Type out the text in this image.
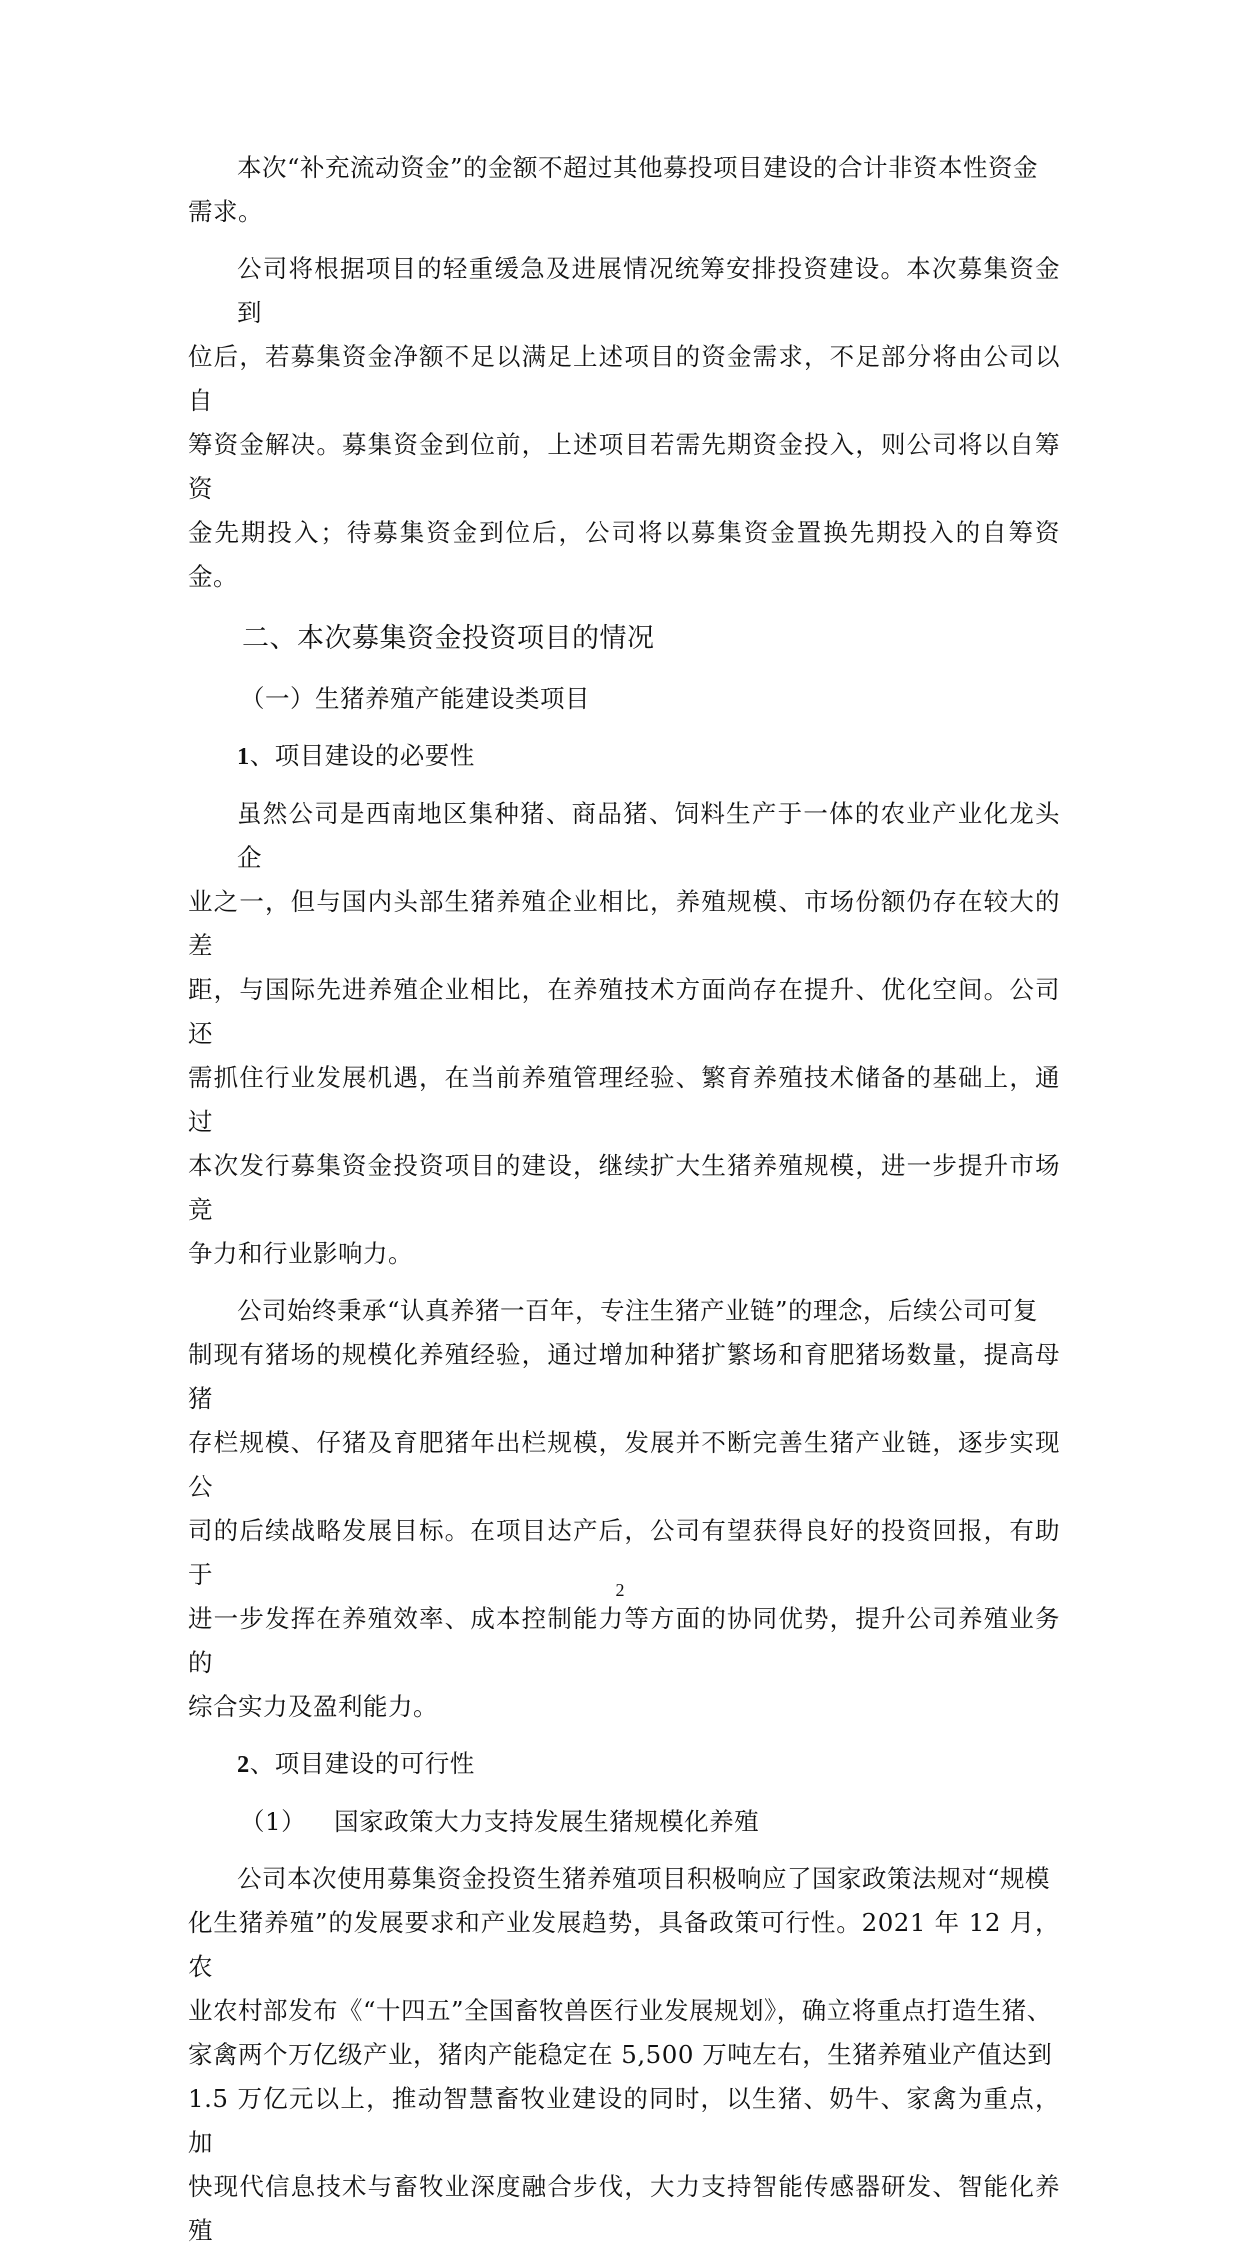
本次“补充流动资金”的金额不超过其他募投项目建设的合计非资本性资金
需求。

公司将根据项目的轻重缓急及进展情况统筹安排投资建设。本次募集资金到
位后，若募集资金净额不足以满足上述项目的资金需求，不足部分将由公司以自
筹资金解决。募集资金到位前，上述项目若需先期资金投入，则公司将以自筹资
金先期投入；待募集资金到位后，公司将以募集资金置换先期投入的自筹资金。

二、本次募集资金投资项目的情况

（一）生猪养殖产能建设类项目

1、项目建设的必要性

虽然公司是西南地区集种猪、商品猪、饲料生产于一体的农业产业化龙头企
业之一，但与国内头部生猪养殖企业相比，养殖规模、市场份额仍存在较大的差
距，与国际先进养殖企业相比，在养殖技术方面尚存在提升、优化空间。公司还
需抓住行业发展机遇，在当前养殖管理经验、繁育养殖技术储备的基础上，通过
本次发行募集资金投资项目的建设，继续扩大生猪养殖规模，进一步提升市场竞
争力和行业影响力。

公司始终秉承“认真养猪一百年，专注生猪产业链”的理念，后续公司可复
制现有猪场的规模化养殖经验，通过增加种猪扩繁场和育肥猪场数量，提高母猪
存栏规模、仔猪及育肥猪年出栏规模，发展并不断完善生猪产业链，逐步实现公
司的后续战略发展目标。在项目达产后，公司有望获得良好的投资回报，有助于
进一步发挥在养殖效率、成本控制能力等方面的协同优势，提升公司养殖业务的
综合实力及盈利能力。

2、项目建设的可行性

（1） 国家政策大力支持发展生猪规模化养殖

公司本次使用募集资金投资生猪养殖项目积极响应了国家政策法规对“规模
化生猪养殖”的发展要求和产业发展趋势，具备政策可行性。2021 年 12 月，农
业农村部发布《“十四五”全国畜牧兽医行业发展规划》，确立将重点打造生猪、
家禽两个万亿级产业，猪肉产能稳定在 5,500 万吨左右，生猪养殖业产值达到
1.5 万亿元以上，推动智慧畜牧业建设的同时，以生猪、奶牛、家禽为重点，加
快现代信息技术与畜牧业深度融合步伐，大力支持智能传感器研发、智能化养殖

2
